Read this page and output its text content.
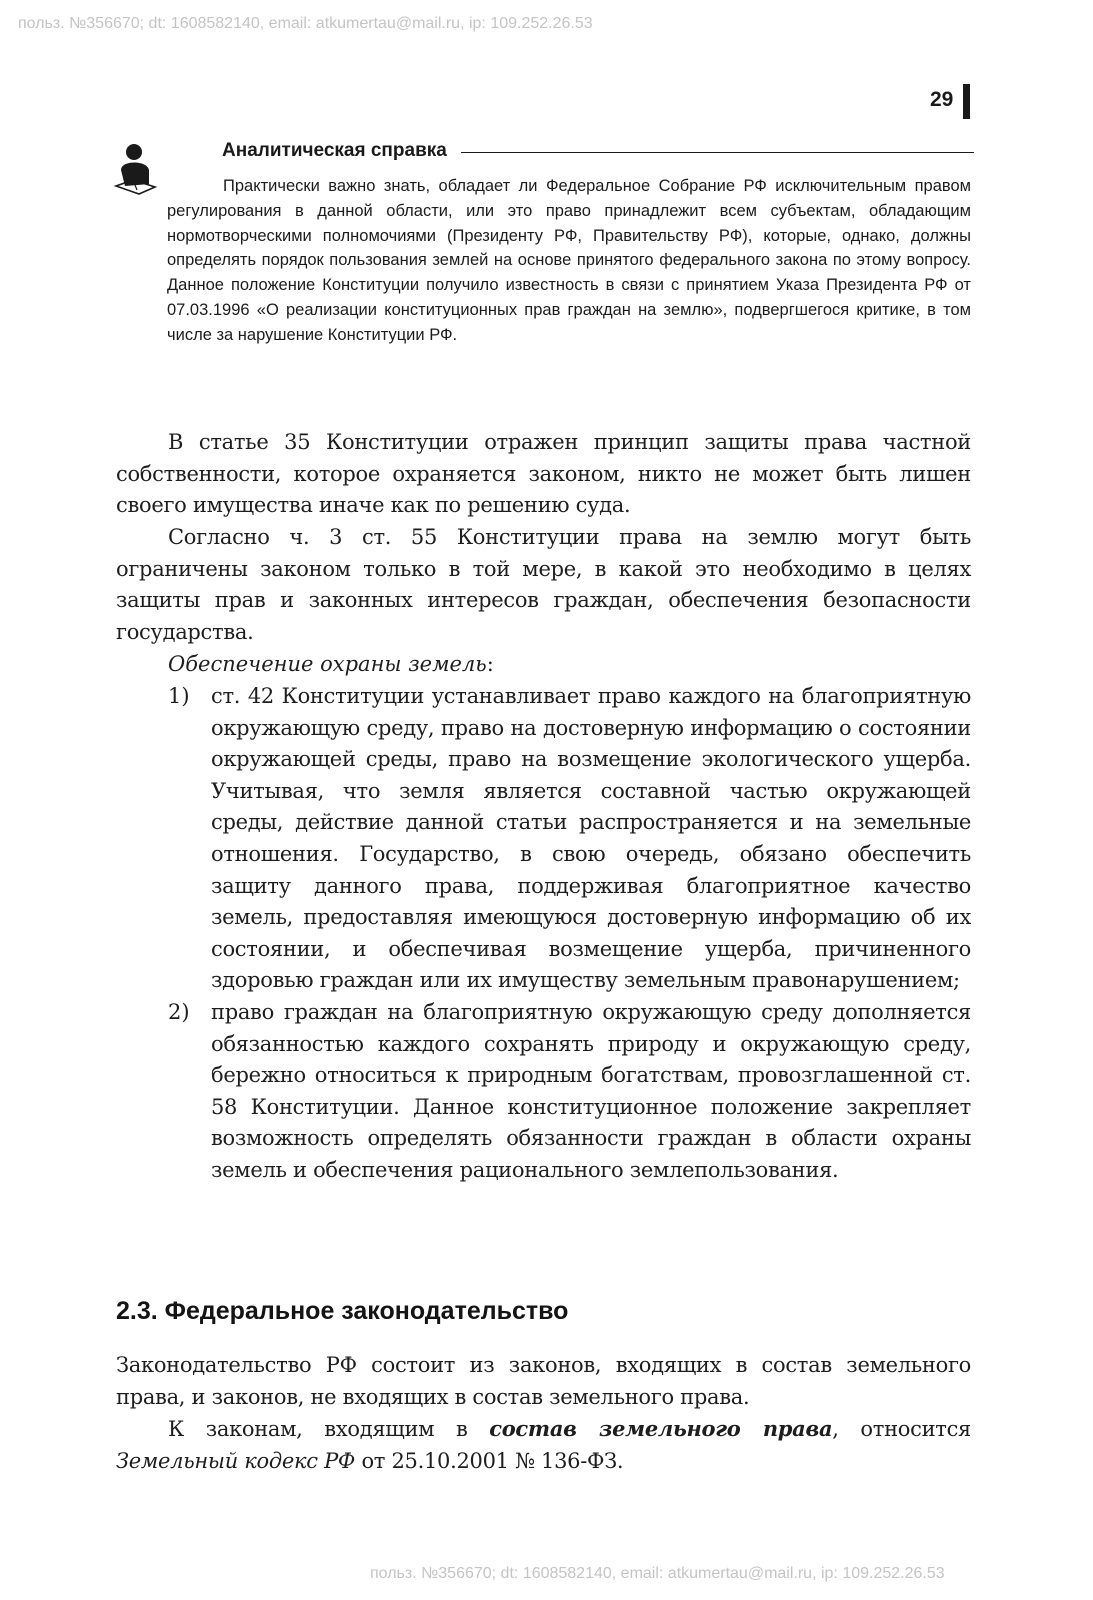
польз. №356670; dt: 1608582140, email: atkumertau@mail.ru, ip: 109.252.26.53
29
Аналитическая справка

Практически важно знать, обладает ли Федеральное Собрание РФ исключительным правом регулирования в данной области, или это право принадлежит всем субъектам, обладающим нормотворческими полномочиями (Президенту РФ, Правительству РФ), которые, однако, должны определять порядок пользования землей на основе принятого федерального закона по этому вопросу. Данное положение Конституции получило известность в связи с принятием Указа Президента РФ от 07.03.1996 «О реализации конституционных прав граждан на землю», подвергшегося критике, в том числе за нарушение Конституции РФ.

В статье 35 Конституции отражен принцип защиты права частной собственности, которое охраняется законом, никто не может быть лишен своего имущества иначе как по решению суда.

Согласно ч. 3 ст. 55 Конституции права на землю могут быть ограничены законом только в той мере, в какой это необходимо в целях защиты прав и законных интересов граждан, обеспечения безопасности государства.

Обеспечение охраны земель:

1) ст. 42 Конституции устанавливает право каждого на благоприятную окружающую среду, право на достоверную информацию о состоянии окружающей среды, право на возмещение экологического ущерба. Учитывая, что земля является составной частью окружающей среды, действие данной статьи распространяется и на земельные отношения. Государство, в свою очередь, обязано обеспечить защиту данного права, поддерживая благоприятное качество земель, предоставляя имеющуюся достоверную информацию об их состоянии, и обеспечивая возмещение ущерба, причиненного здоровью граждан или их имуществу земельным правонарушением;
2) право граждан на благоприятную окружающую среду дополняется обязанностью каждого сохранять природу и окружающую среду, бережно относиться к природным богатствам, провозглашенной ст. 58 Конституции. Данное конституционное положение закрепляет возможность определять обязанности граждан в области охраны земель и обеспечения рационального землепользования.
2.3. Федеральное законодательство

Законодательство РФ состоит из законов, входящих в состав земельного права, и законов, не входящих в состав земельного права.

К законам, входящим в состав земельного права, относится Земельный кодекс РФ от 25.10.2001 № 136-ФЗ.

польз. №356670; dt: 1608582140, email: atkumertau@mail.ru, ip: 109.252.26.53
